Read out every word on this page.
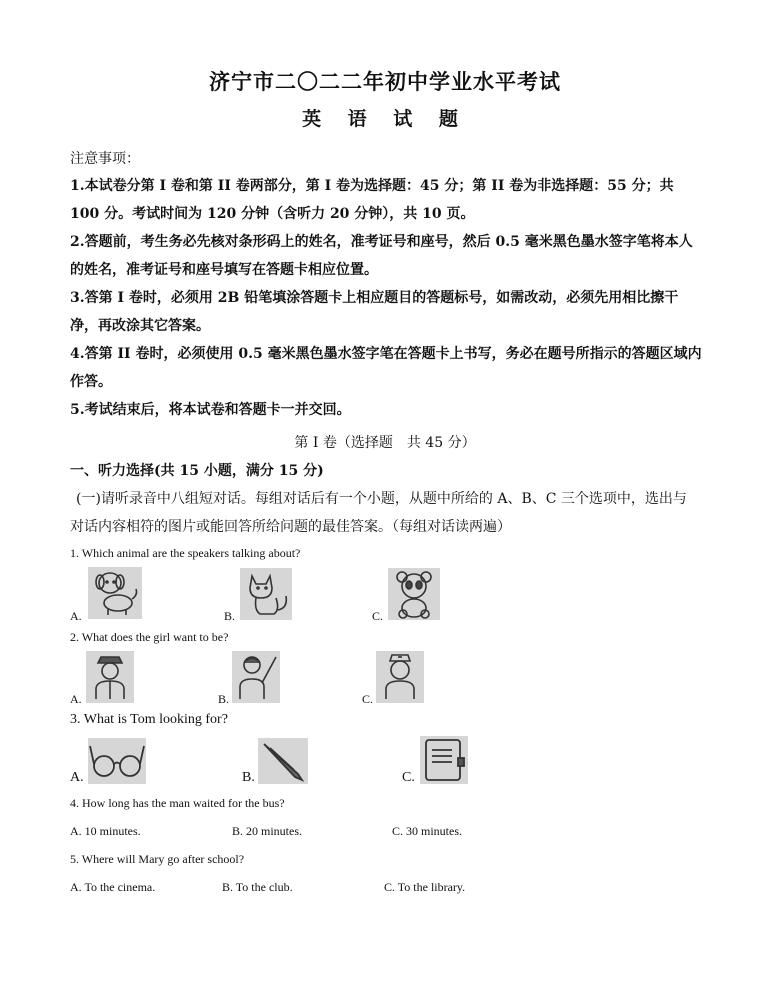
济宁市二〇二二年初中学业水平考试
英 语 试 题
注意事项：
1.本试卷分第 I 卷和第 II 卷两部分，第 I 卷为选择题：45 分；第 II 卷为非选择题：55 分；共 100 分。考试时间为 120 分钟（含听力 20 分钟），共 10 页。
2.答题前，考生务必先核对条形码上的姓名，准考证号和座号，然后 0.5 毫米黑色墨水签字笔将本人的姓名，准考证号和座号填写在答题卡相应位置。
3.答第 I 卷时，必须用 2B 铅笔填涂答题卡上相应题目的答题标号，如需改动，必须先用相比擦干净，再改涂其它答案。
4.答第 II 卷时，必须使用 0.5 毫米黑色墨水签字笔在答题卡上书写，务必在题号所指示的答题区域内作答。
5.考试结束后，将本试卷和答题卡一并交回。
第 I 卷（选择题　共 45 分）
一、听力选择(共 15 小题，满分 15 分)
(一)请听录音中八组短对话。每组对话后有一个小题，从题中所给的 A、B、C 三个选项中，选出与对话内容相符的图片或能回答所给问题的最佳答案。（每组对话读两遍）
1. Which animal are the speakers talking about?
A.	B.	C.
2. What does the girl want to be?
A.	B.	C.
3. What is Tom looking for?
A.	B.	C.
4. How long has the man waited for the bus?
A. 10 minutes.	B. 20 minutes.	C. 30 minutes.
5. Where will Mary go after school?
A. To the cinema.	B. To the club.	C. To the library.
